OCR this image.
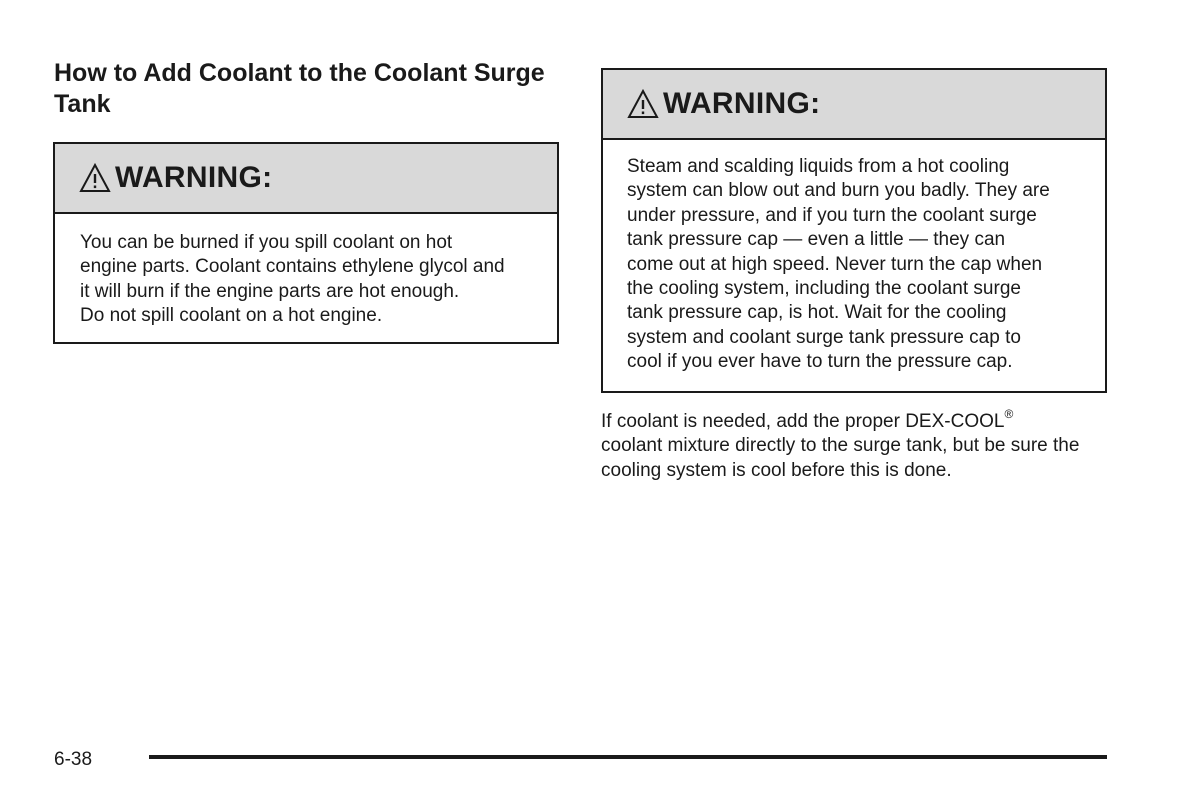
How to Add Coolant to the Coolant Surge Tank
WARNING:
You can be burned if you spill coolant on hot
engine parts. Coolant contains ethylene glycol and
it will burn if the engine parts are hot enough.
Do not spill coolant on a hot engine.
WARNING:
Steam and scalding liquids from a hot cooling
system can blow out and burn you badly. They are
under pressure, and if you turn the coolant surge
tank pressure cap — even a little — they can
come out at high speed. Never turn the cap when
the cooling system, including the coolant surge
tank pressure cap, is hot. Wait for the cooling
system and coolant surge tank pressure cap to
cool if you ever have to turn the pressure cap.

If coolant is needed, add the proper DEX-COOL®
coolant mixture directly to the surge tank, but be sure the cooling system is cool before this is done.

6-38
